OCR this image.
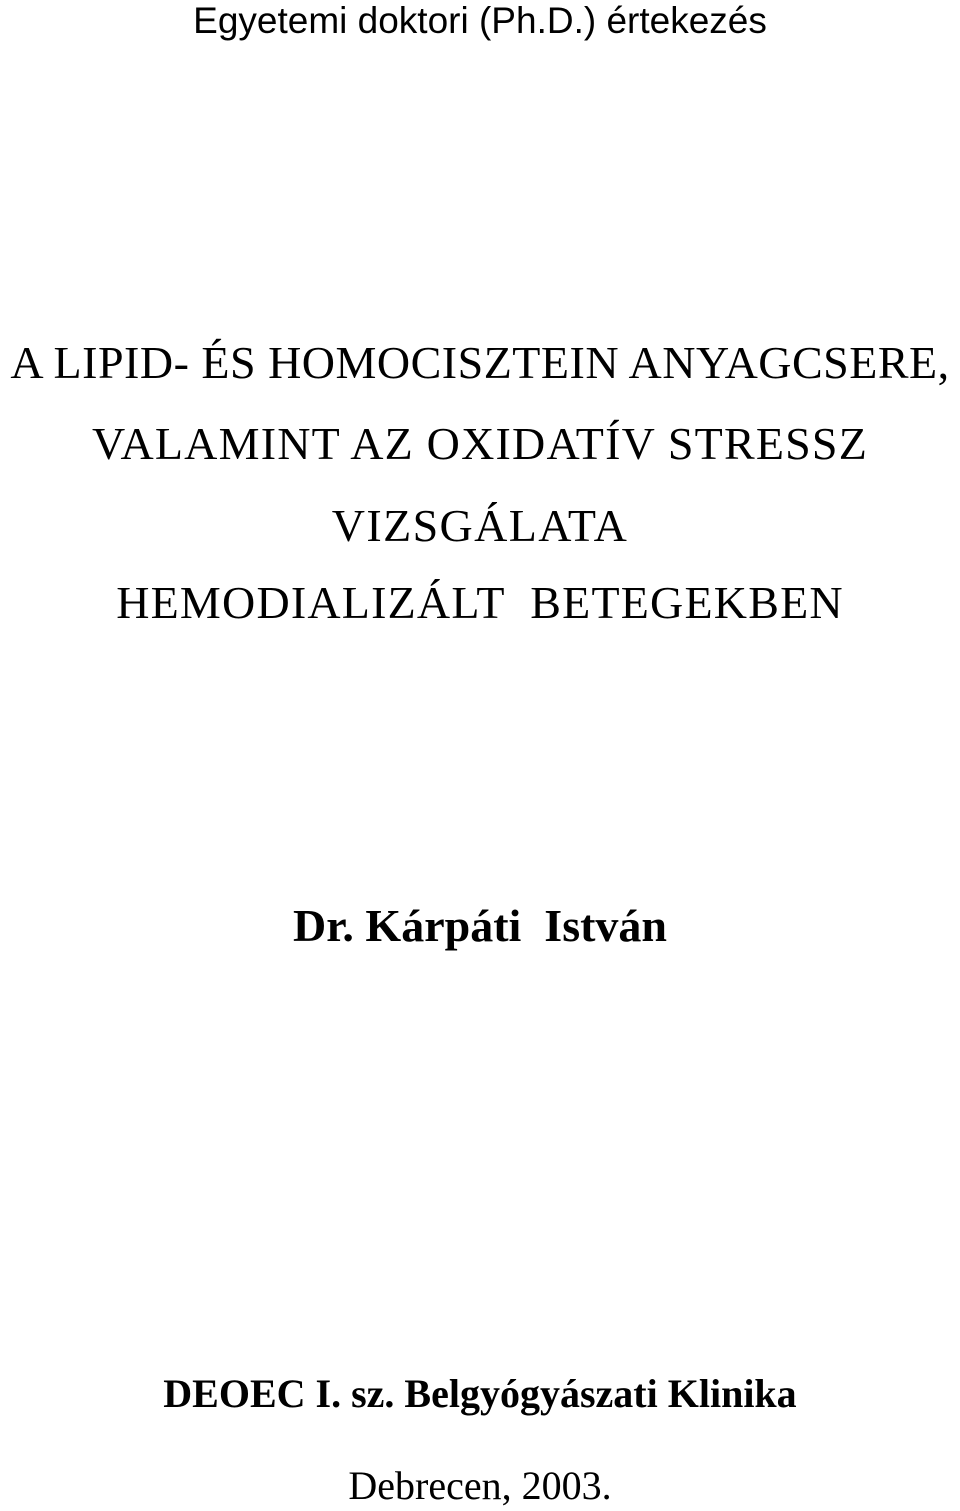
Egyetemi doktori (Ph.D.) értekezés
A LIPID- ÉS HOMOCISZTEIN ANYAGCSERE,
VALAMINT AZ OXIDATÍV STRESSZ
VIZSGÁLATA
HEMODIALIZÁLT  BETEGEKBEN
Dr. Kárpáti  István
DEOEC I. sz. Belgyógyászati Klinika
Debrecen, 2003.
